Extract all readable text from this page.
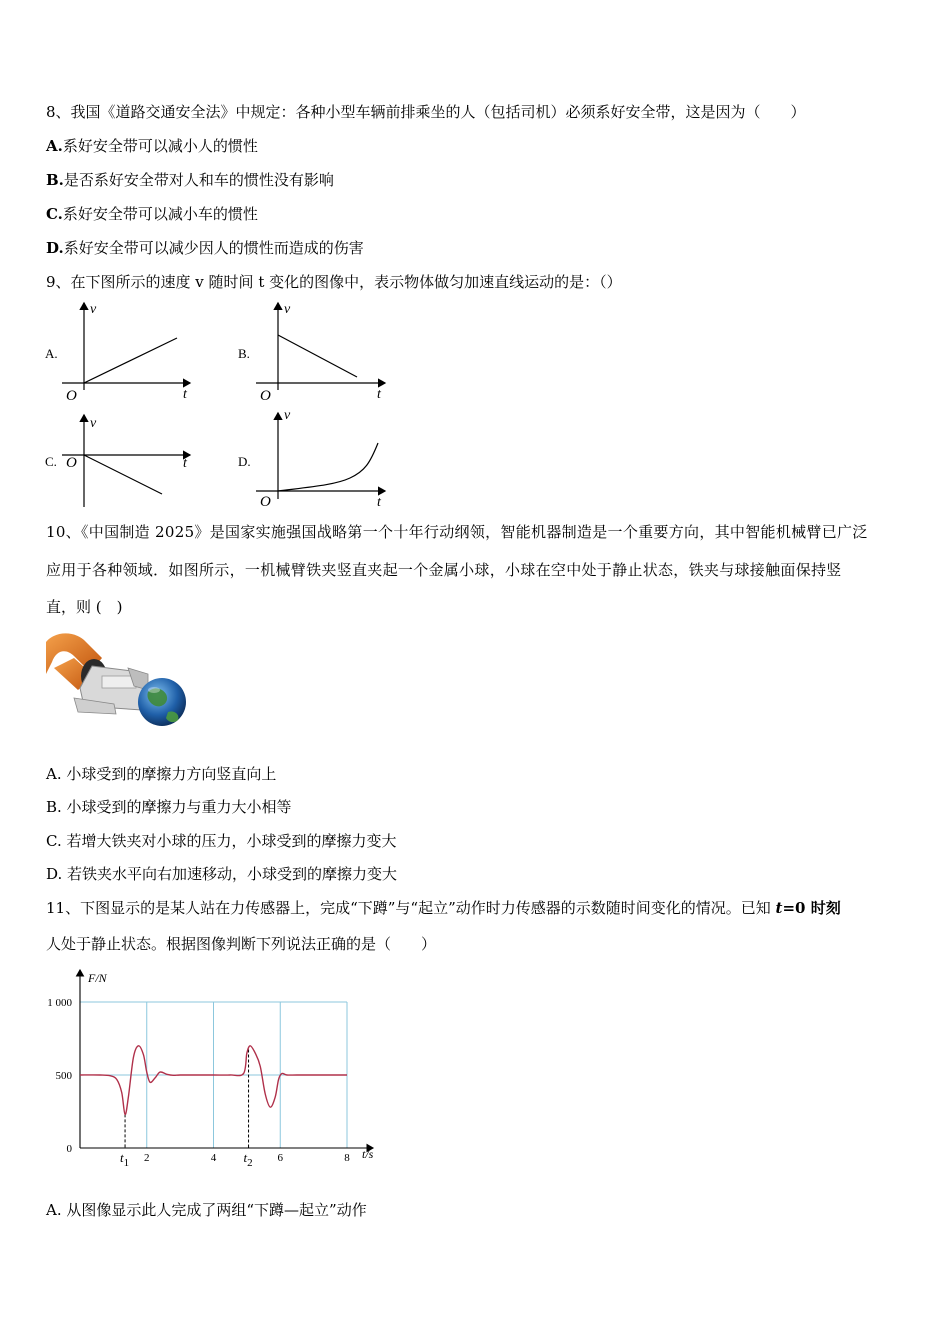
8、我国《道路交通安全法》中规定：各种小型车辆前排乘坐的人（包括司机）必须系好安全带，这是因为（　　）
A.系好安全带可以减小人的惯性
B.是否系好安全带对人和车的惯性没有影响
C.系好安全带可以减小车的惯性
D.系好安全带可以减少因人的惯性而造成的伤害
9、在下图所示的速度 v 随时间 t 变化的图像中，表示物体做匀加速直线运动的是：（）
A.
v
t
O
B.
v
t
O
C.
v
t
O	D.
v
t
O
10、《中国制造 2025》是国家实施强国战略第一个十年行动纲领，智能机器制造是一个重要方向，其中智能机械臂已广泛
应用于各种领域．如图所示，一机械臂铁夹竖直夹起一个金属小球，小球在空中处于静止状态，铁夹与球接触面保持竖
直，则 (　)
A. 小球受到的摩擦力方向竖直向上
B. 小球受到的摩擦力与重力大小相等
C. 若增大铁夹对小球的压力，小球受到的摩擦力变大
D. 若铁夹水平向右加速移动，小球受到的摩擦力变大
11、下图显示的是某人站在力传感器上，完成“下蹲”与“起立”动作时力传感器的示数随时间变化的情况。已知 t=0 时刻
人处于静止状态。根据图像判断下列说法正确的是（　　）
F/N
t/s
0
500
1 000
2	4	6	8
$t_1$	$t_2$
A. 从图像显示此人完成了两组“下蹲—起立”动作
